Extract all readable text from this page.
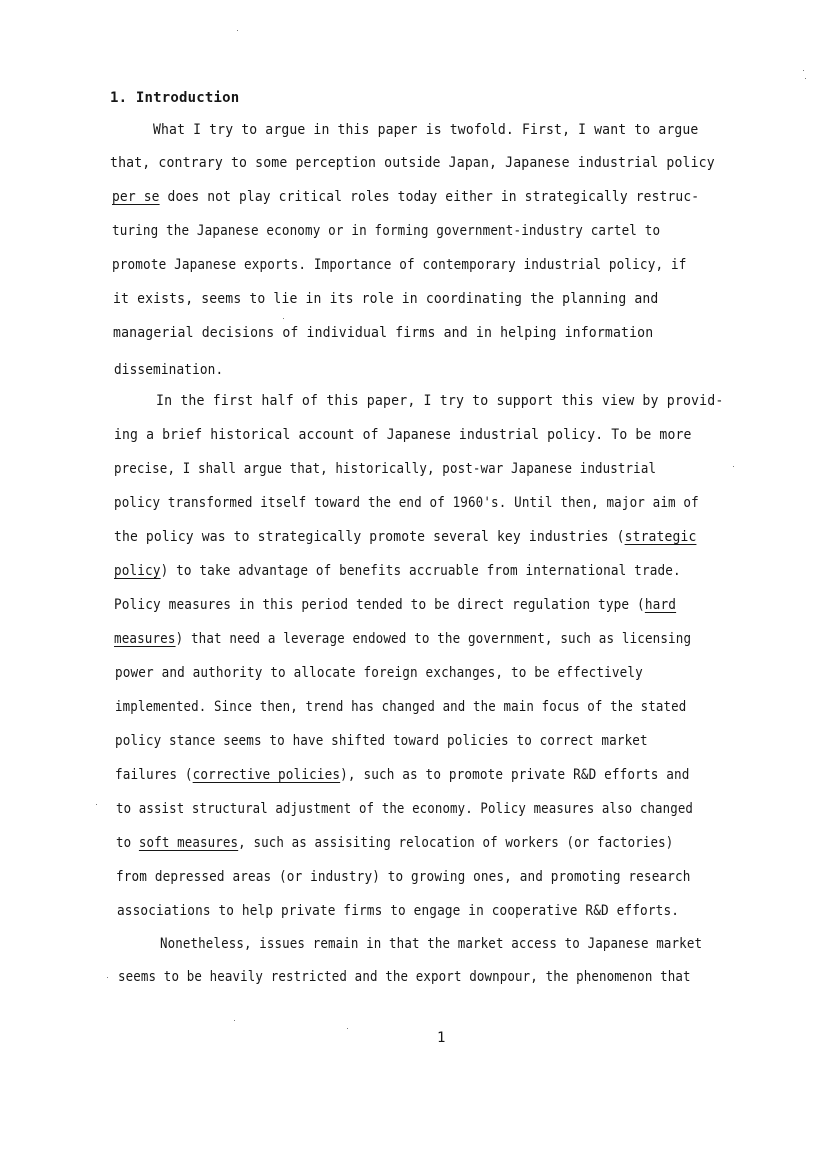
1. Introduction
What I try to argue in this paper is twofold. First, I want to argue
that, contrary to some perception outside Japan, Japanese industrial policy
per se does not play critical roles today either in strategically restruc-
turing the Japanese economy or in forming government-industry cartel to
promote Japanese exports. Importance of contemporary industrial policy, if
it exists, seems to lie in its role in coordinating the planning and
managerial decisions of individual firms and in helping information
dissemination.
In the first half of this paper, I try to support this view by provid-
ing a brief historical account of Japanese industrial policy. To be more
precise, I shall argue that, historically, post-war Japanese industrial
policy transformed itself toward the end of 1960's. Until then, major aim of
the policy was to strategically promote several key industries (strategic
policy) to take advantage of benefits accruable from international trade.
Policy measures in this period tended to be direct regulation type (hard
measures) that need a leverage endowed to the government, such as licensing
power and authority to allocate foreign exchanges, to be effectively
implemented. Since then, trend has changed and the main focus of the stated
policy stance seems to have shifted toward policies to correct market
failures (corrective policies), such as to promote private R&D efforts and
to assist structural adjustment of the economy. Policy measures also changed
to soft measures, such as assisiting relocation of workers (or factories)
from depressed areas (or industry) to growing ones, and promoting research
associations to help private firms to engage in cooperative R&D efforts.
Nonetheless, issues remain in that the market access to Japanese market
seems to be heavily restricted and the export downpour, the phenomenon that
1
